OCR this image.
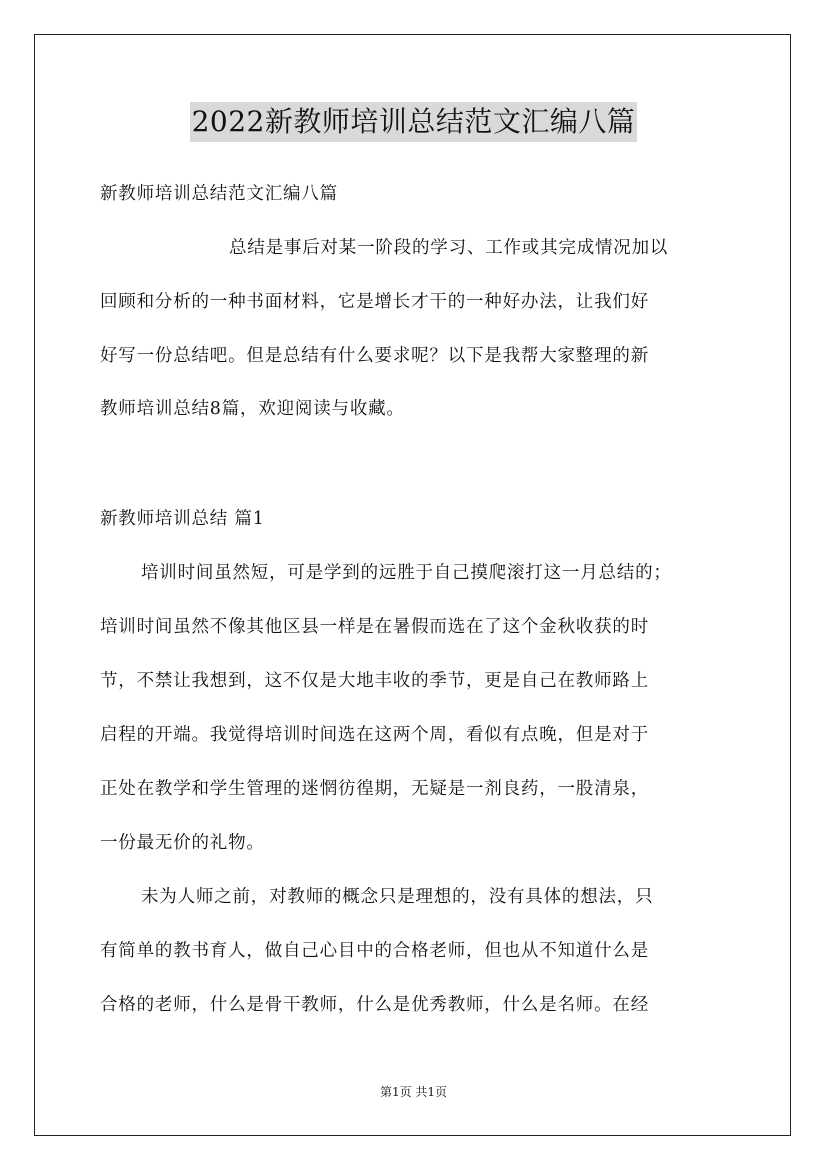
2022新教师培训总结范文汇编八篇
新教师培训总结范文汇编八篇
总结是事后对某一阶段的学习、工作或其完成情况加以
回顾和分析的一种书面材料，它是增长才干的一种好办法，让我们好
好写一份总结吧。但是总结有什么要求呢？以下是我帮大家整理的新
教师培训总结8篇，欢迎阅读与收藏。
新教师培训总结 篇1
培训时间虽然短，可是学到的远胜于自己摸爬滚打这一月总结的；
培训时间虽然不像其他区县一样是在暑假而选在了这个金秋收获的时
节，不禁让我想到，这不仅是大地丰收的季节，更是自己在教师路上
启程的开端。我觉得培训时间选在这两个周，看似有点晚，但是对于
正处在教学和学生管理的迷惘彷徨期，无疑是一剂良药，一股清泉，
一份最无价的礼物。
未为人师之前，对教师的概念只是理想的，没有具体的想法，只
有简单的教书育人，做自己心目中的合格老师，但也从不知道什么是
合格的老师，什么是骨干教师，什么是优秀教师，什么是名师。在经
第1页 共1页
